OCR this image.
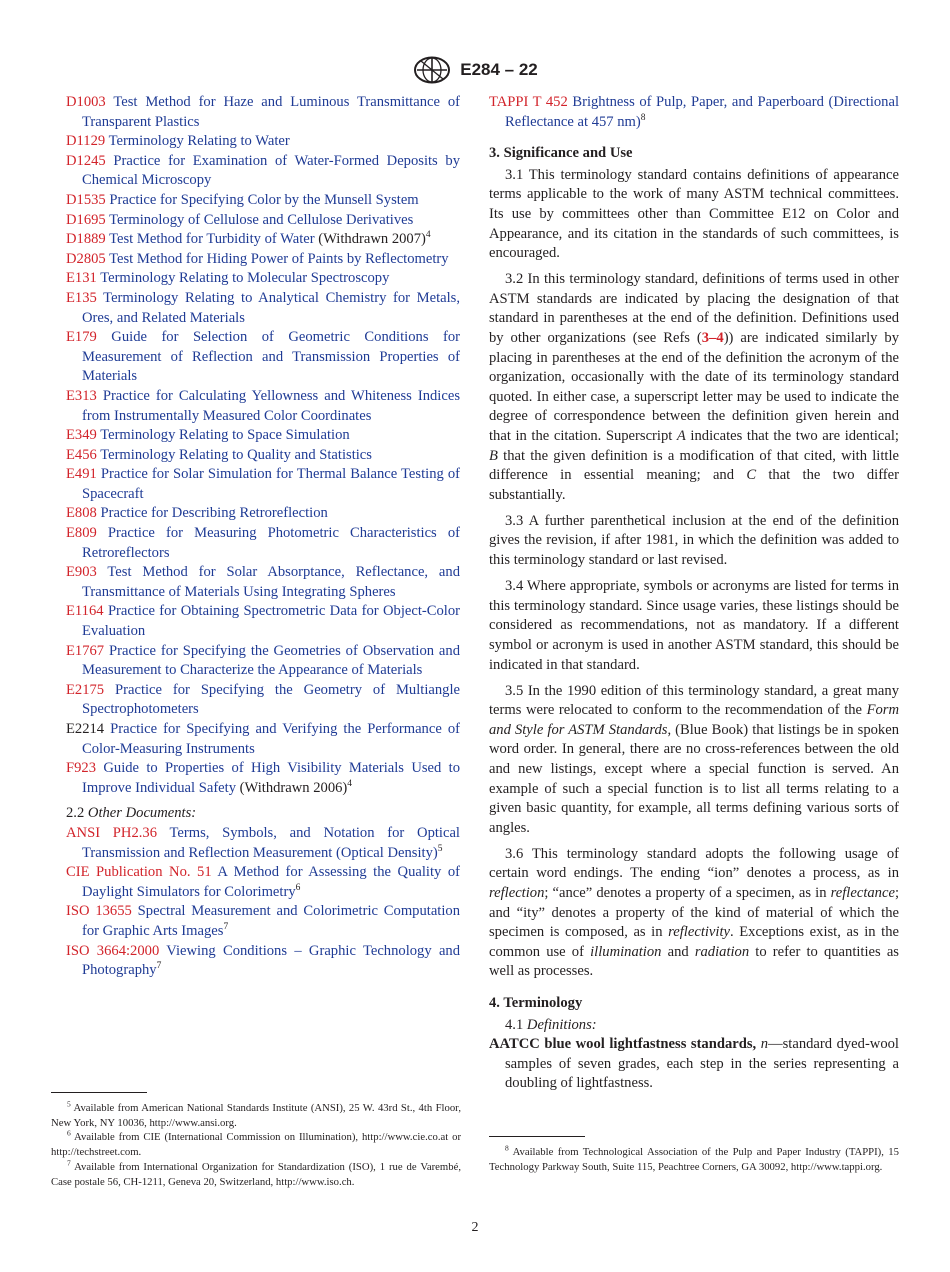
E284 – 22
D1003 Test Method for Haze and Luminous Transmittance of Transparent Plastics
D1129 Terminology Relating to Water
D1245 Practice for Examination of Water-Formed Deposits by Chemical Microscopy
D1535 Practice for Specifying Color by the Munsell System
D1695 Terminology of Cellulose and Cellulose Derivatives
D1889 Test Method for Turbidity of Water (Withdrawn 2007)$^4$
D2805 Test Method for Hiding Power of Paints by Reflectometry
E131 Terminology Relating to Molecular Spectroscopy
E135 Terminology Relating to Analytical Chemistry for Metals, Ores, and Related Materials
E179 Guide for Selection of Geometric Conditions for Measurement of Reflection and Transmission Properties of Materials
E313 Practice for Calculating Yellowness and Whiteness Indices from Instrumentally Measured Color Coordinates
E349 Terminology Relating to Space Simulation
E456 Terminology Relating to Quality and Statistics
E491 Practice for Solar Simulation for Thermal Balance Testing of Spacecraft
E808 Practice for Describing Retroreflection
E809 Practice for Measuring Photometric Characteristics of Retroreflectors
E903 Test Method for Solar Absorptance, Reflectance, and Transmittance of Materials Using Integrating Spheres
E1164 Practice for Obtaining Spectrometric Data for Object-Color Evaluation
E1767 Practice for Specifying the Geometries of Observation and Measurement to Characterize the Appearance of Materials
E2175 Practice for Specifying the Geometry of Multiangle Spectrophotometers
E2214 Practice for Specifying and Verifying the Performance of Color-Measuring Instruments
F923 Guide to Properties of High Visibility Materials Used to Improve Individual Safety (Withdrawn 2006)$^4$
2.2 Other Documents:
ANSI PH2.36 Terms, Symbols, and Notation for Optical Transmission and Reflection Measurement (Optical Density)$^5$
CIE Publication No. 51 A Method for Assessing the Quality of Daylight Simulators for Colorimetry$^6$
ISO 13655 Spectral Measurement and Colorimetric Computation for Graphic Arts Images$^7$
ISO 3664:2000 Viewing Conditions – Graphic Technology and Photography$^7$
TAPPI T 452 Brightness of Pulp, Paper, and Paperboard (Directional Reflectance at 457 nm)$^8$
3. Significance and Use

3.1 This terminology standard contains definitions of appearance terms applicable to the work of many ASTM technical committees. Its use by committees other than Committee E12 on Color and Appearance, and its citation in the standards of such committees, is encouraged.

3.2 In this terminology standard, definitions of terms used in other ASTM standards are indicated by placing the designation of that standard in parentheses at the end of the definition. Definitions used by other organizations (see Refs (3–4)) are indicated similarly by placing in parentheses at the end of the definition the acronym of the organization, occasionally with the date of its terminology standard quoted. In either case, a superscript letter may be used to indicate the degree of correspondence between the definition given herein and that in the citation. Superscript A indicates that the two are identical; B that the given definition is a modification of that cited, with little difference in essential meaning; and C that the two differ substantially.

3.3 A further parenthetical inclusion at the end of the definition gives the revision, if after 1981, in which the definition was added to this terminology standard or last revised.

3.4 Where appropriate, symbols or acronyms are listed for terms in this terminology standard. Since usage varies, these listings should be considered as recommendations, not as mandatory. If a different symbol or acronym is used in another ASTM standard, this should be indicated in that standard.

3.5 In the 1990 edition of this terminology standard, a great many terms were relocated to conform to the recommendation of the Form and Style for ASTM Standards, (Blue Book) that listings be in spoken word order. In general, there are no cross-references between the old and new listings, except where a special function is served. An example of such a special function is to list all terms relating to a given basic quantity, for example, all terms defining various sorts of angles.

3.6 This terminology standard adopts the following usage of certain word endings. The ending “ion” denotes a process, as in reflection; “ance” denotes a property of a specimen, as in reflectance; and “ity” denotes a property of the kind of material of which the specimen is composed, as in reflectivity. Exceptions exist, as in the common use of illumination and radiation to refer to quantities as well as processes.

4. Terminology
4.1 Definitions:
AATCC blue wool lightfastness standards, n—standard dyed-wool samples of seven grades, each step in the series representing a doubling of lightfastness.
$^5$ Available from American National Standards Institute (ANSI), 25 W. 43rd St., 4th Floor, New York, NY 10036, http://www.ansi.org.
$^6$ Available from CIE (International Commission on Illumination), http://www.cie.co.at or http://techstreet.com.
$^7$ Available from International Organization for Standardization (ISO), 1 rue de Varembé, Case postale 56, CH-1211, Geneva 20, Switzerland, http://www.iso.ch.
$^8$ Available from Technological Association of the Pulp and Paper Industry (TAPPI), 15 Technology Parkway South, Suite 115, Peachtree Corners, GA 30092, http://www.tappi.org.
2
